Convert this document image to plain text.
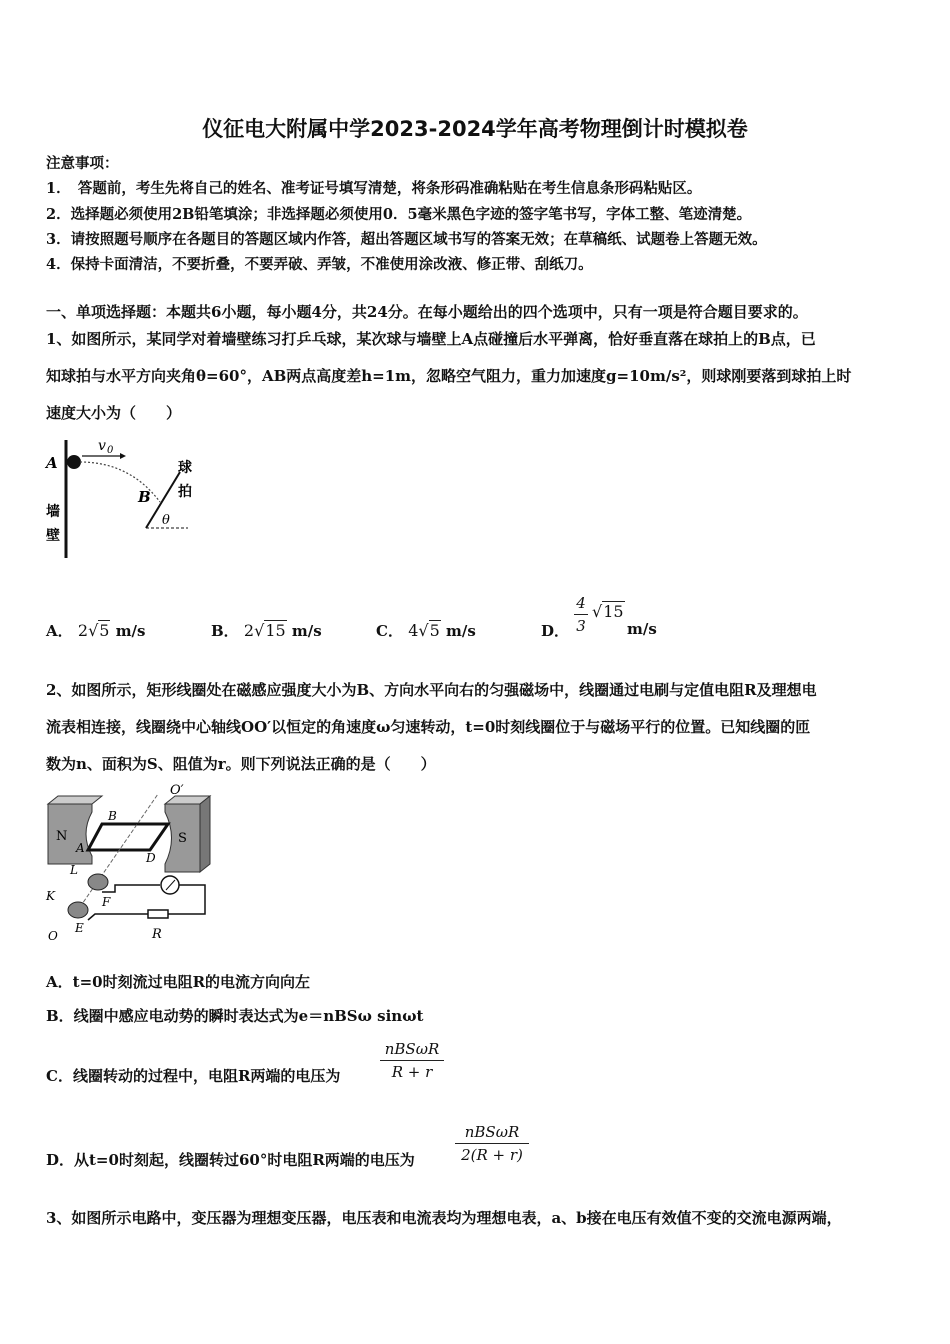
仪征电大附属中学2023-2024学年高考物理倒计时模拟卷
注意事项：
1．　答题前，考生先将自己的姓名、准考证号填写清楚，将条形码准确粘贴在考生信息条形码粘贴区。
2．选择题必须使用2B铅笔填涂；非选择题必须使用0．5毫米黑色字迹的签字笔书写，字体工整、笔迹清楚。
3．请按照题号顺序在各题目的答题区域内作答，超出答题区域书写的答案无效；在草稿纸、试题卷上答题无效。
4．保持卡面清洁，不要折叠，不要弄破、弄皱，不准使用涂改液、修正带、刮纸刀。
一、单项选择题：本题共6小题，每小题4分，共24分。在每小题给出的四个选项中，只有一项是符合题目要求的。
1、如图所示，某同学对着墙壁练习打乒乓球，某次球与墙壁上A点碰撞后水平弹离，恰好垂直落在球拍上的B点，已
知球拍与水平方向夹角θ=60°，AB两点高度差h=1m，忽略空气阻力，重力加速度g=10m/s²，则球刚要落到球拍上时
速度大小为（　　）
A
v 0
B
球
拍
θ
墙
壁
A． 2√5 m/s	B． 2√15 m/s	C． 4√5 m/s	D．
4
3
√15
m/s
2、如图所示，矩形线圈处在磁感应强度大小为B、方向水平向右的匀强磁场中，线圈通过电刷与定值电阻R及理想电
流表相连接，线圈绕中心轴线OO′以恒定的角速度ω匀速转动，t=0时刻线圈位于与磁场平行的位置。已知线圈的匝
数为n、面积为S、阻值为r。则下列说法正确的是（　　）
O′
B
N	S
A
D
L
K	F
O
E	R
A．t=0时刻流过电阻R的电流方向向左
B．线圈中感应电动势的瞬时表达式为e＝nBSω sinωt
C．线圈转动的过程中，电阻R两端的电压为
nBSωR
R + r
D．从t=0时刻起，线圈转过60°时电阻R两端的电压为
nBSωR
2(R + r)
3、如图所示电路中，变压器为理想变压器，电压表和电流表均为理想电表，a、b接在电压有效值不变的交流电源两端，
